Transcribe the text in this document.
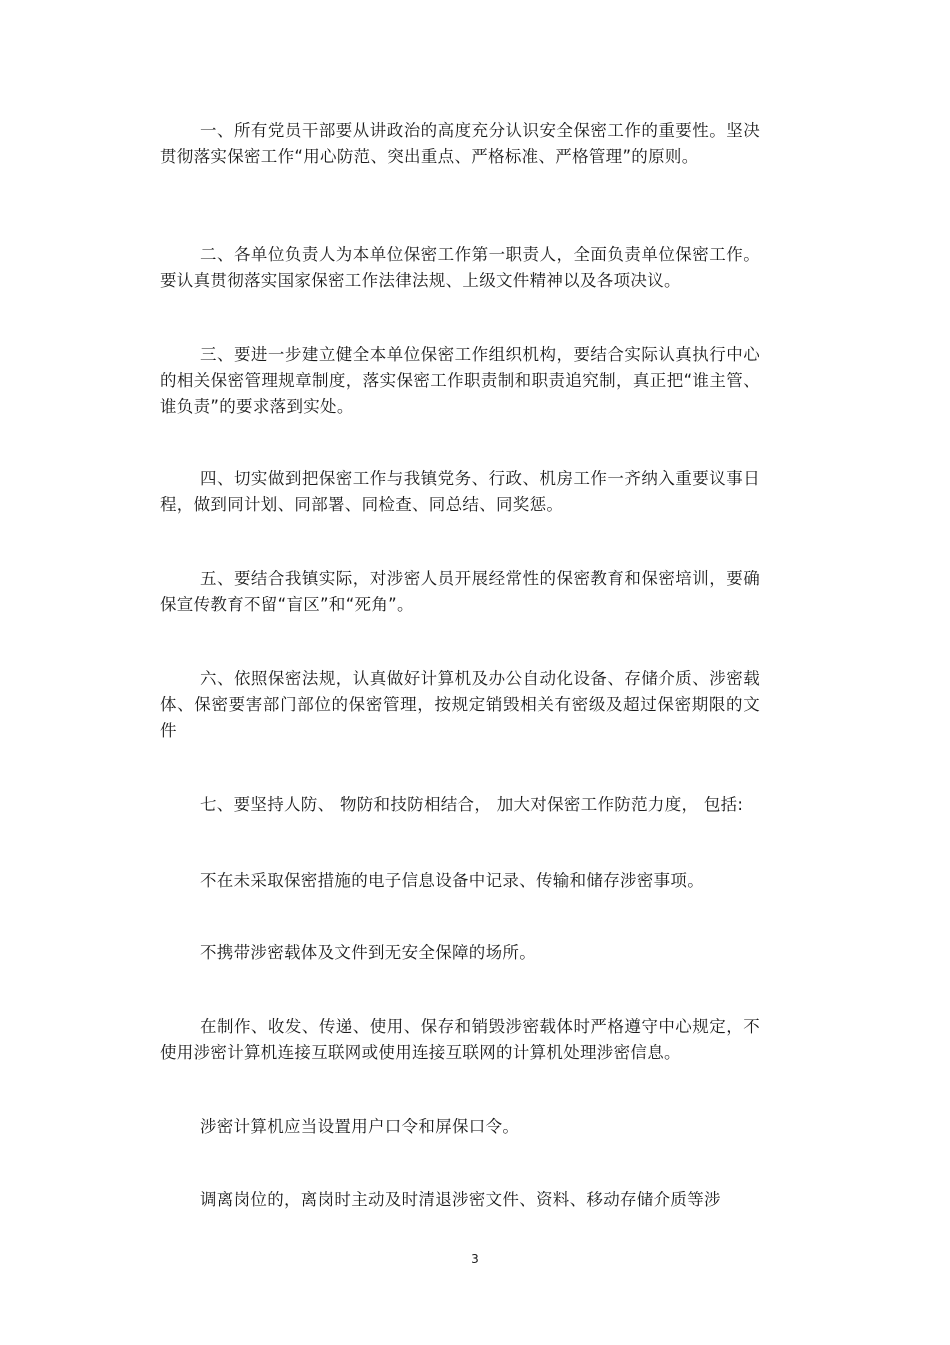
一、所有党员干部要从讲政治的高度充分认识安全保密工作的重要性。坚决贯彻落实保密工作“用心防范、突出重点、严格标准、严格管理”的原则。

二、各单位负责人为本单位保密工作第一职责人，全面负责单位保密工作。要认真贯彻落实国家保密工作法律法规、上级文件精神以及各项决议。

三、要进一步建立健全本单位保密工作组织机构，要结合实际认真执行中心的相关保密管理规章制度，落实保密工作职责制和职责追究制，真正把“谁主管、谁负责”的要求落到实处。

四、切实做到把保密工作与我镇党务、行政、机房工作一齐纳入重要议事日程，做到同计划、同部署、同检查、同总结、同奖惩。

五、要结合我镇实际，对涉密人员开展经常性的保密教育和保密培训，要确保宣传教育不留“盲区”和“死角”。

六、依照保密法规，认真做好计算机及办公自动化设备、存储介质、涉密载体、保密要害部门部位的保密管理，按规定销毁相关有密级及超过保密期限的文件

七、要坚持人防、 物防和技防相结合， 加大对保密工作防范力度， 包括:

不在未采取保密措施的电子信息设备中记录、传输和储存涉密事项。

不携带涉密载体及文件到无安全保障的场所。

在制作、收发、传递、使用、保存和销毁涉密载体时严格遵守中心规定，不使用涉密计算机连接互联网或使用连接互联网的计算机处理涉密信息。

涉密计算机应当设置用户口令和屏保口令。

调离岗位的，离岗时主动及时清退涉密文件、资料、移动存储介质等涉

3
